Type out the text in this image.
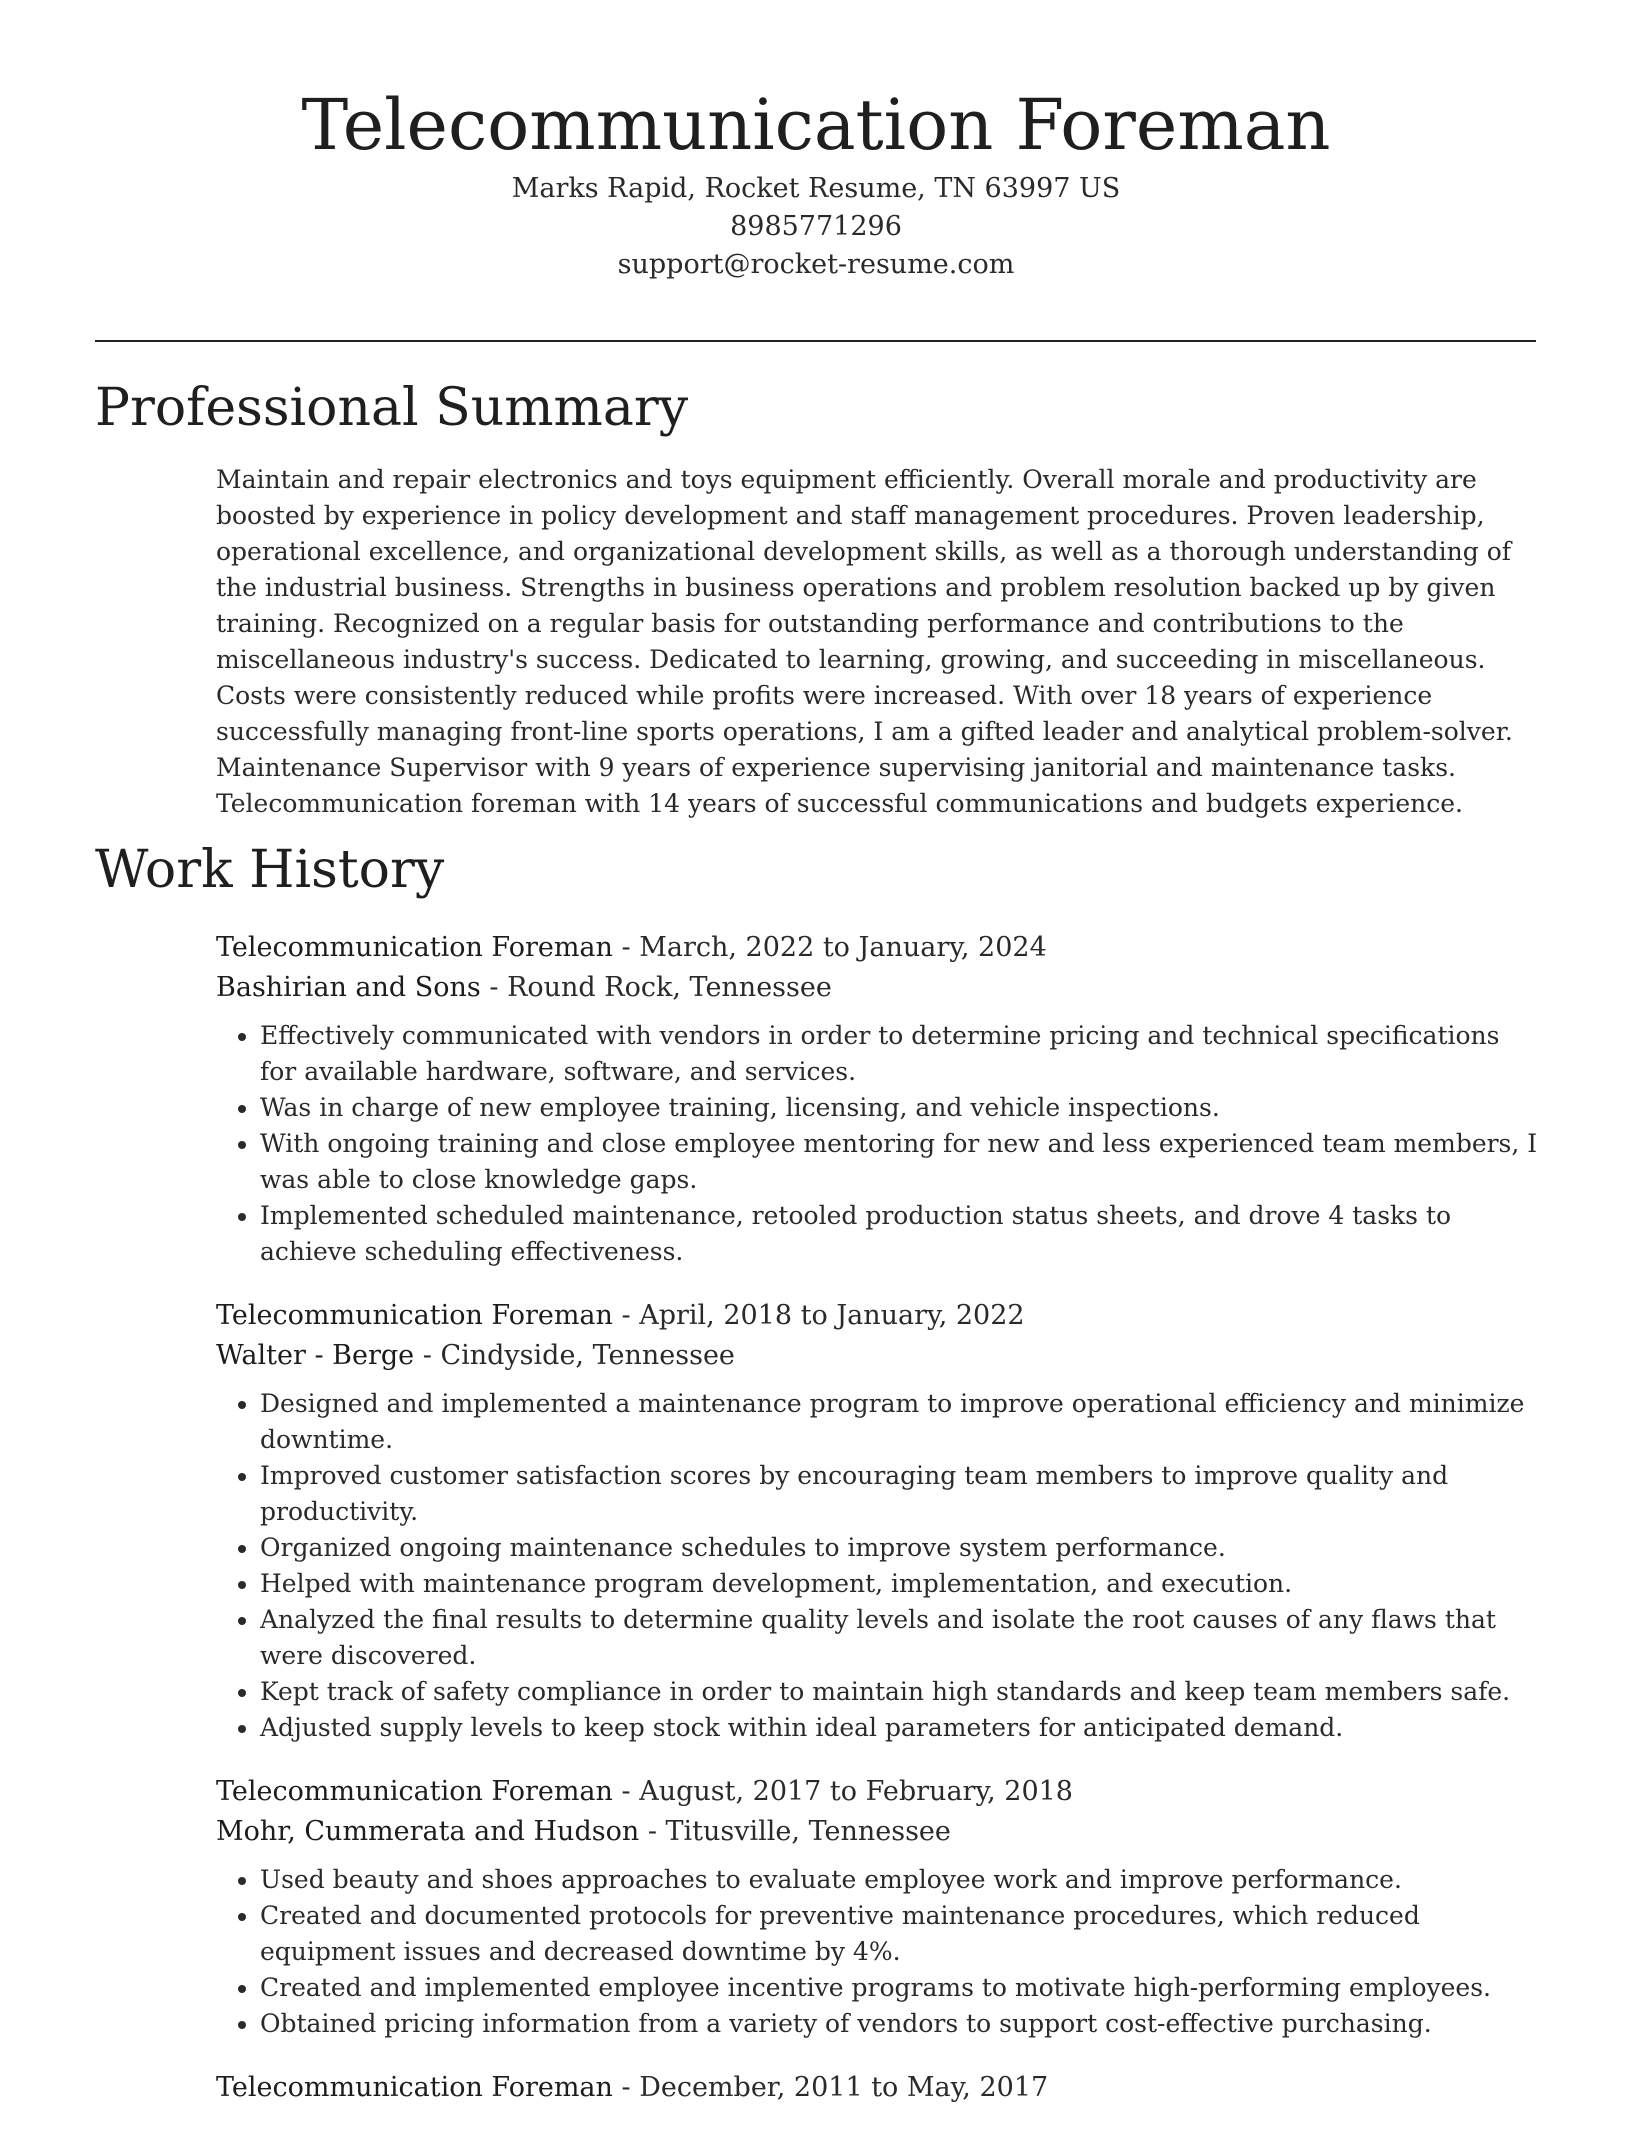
Telecommunication Foreman
Marks Rapid, Rocket Resume, TN 63997 US
8985771296
support@rocket-resume.com
Professional Summary

Maintain and repair electronics and toys equipment efficiently. Overall morale and productivity are boosted by experience in policy development and staff management procedures. Proven leadership, operational excellence, and organizational development skills, as well as a thorough understanding of the industrial business. Strengths in business operations and problem resolution backed up by given training. Recognized on a regular basis for outstanding performance and contributions to the miscellaneous industry's success. Dedicated to learning, growing, and succeeding in miscellaneous. Costs were consistently reduced while profits were increased. With over 18 years of experience successfully managing front-line sports operations, I am a gifted leader and analytical problem-solver. Maintenance Supervisor with 9 years of experience supervising janitorial and maintenance tasks. Telecommunication foreman with 14 years of successful communications and budgets experience.

Work History
Telecommunication Foreman - March, 2022 to January, 2024
Bashirian and Sons - Round Rock, Tennessee
• Effectively communicated with vendors in order to determine pricing and technical specifications for available hardware, software, and services.
• Was in charge of new employee training, licensing, and vehicle inspections.
• With ongoing training and close employee mentoring for new and less experienced team members, I was able to close knowledge gaps.
• Implemented scheduled maintenance, retooled production status sheets, and drove 4 tasks to achieve scheduling effectiveness.
Telecommunication Foreman - April, 2018 to January, 2022
Walter - Berge - Cindyside, Tennessee
• Designed and implemented a maintenance program to improve operational efficiency and minimize downtime.
• Improved customer satisfaction scores by encouraging team members to improve quality and productivity.
• Organized ongoing maintenance schedules to improve system performance.
• Helped with maintenance program development, implementation, and execution.
• Analyzed the final results to determine quality levels and isolate the root causes of any flaws that were discovered.
• Kept track of safety compliance in order to maintain high standards and keep team members safe.
• Adjusted supply levels to keep stock within ideal parameters for anticipated demand.
Telecommunication Foreman - August, 2017 to February, 2018
Mohr, Cummerata and Hudson - Titusville, Tennessee
• Used beauty and shoes approaches to evaluate employee work and improve performance.
• Created and documented protocols for preventive maintenance procedures, which reduced equipment issues and decreased downtime by 4%.
• Created and implemented employee incentive programs to motivate high-performing employees.
• Obtained pricing information from a variety of vendors to support cost-effective purchasing.
Telecommunication Foreman - December, 2011 to May, 2017
